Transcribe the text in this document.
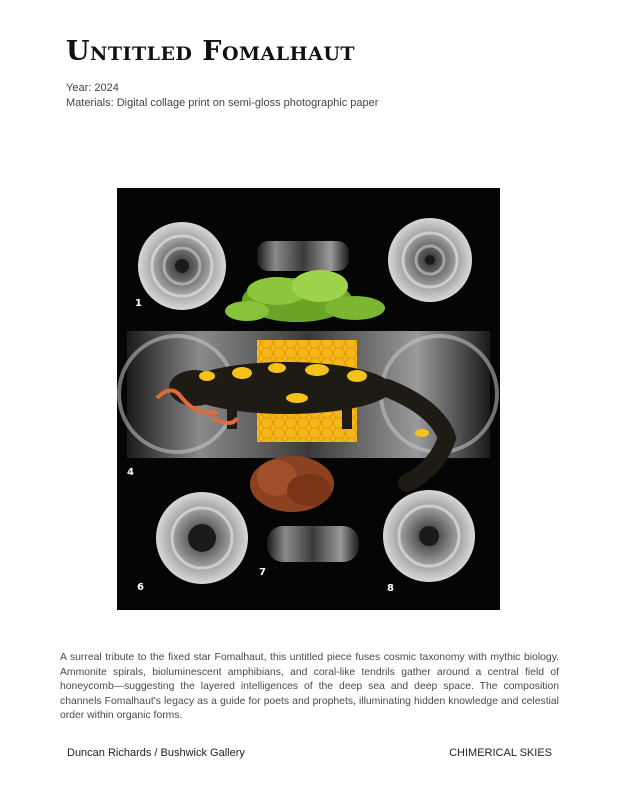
Untitled Fomalhaut
Year: 2024
Materials: Digital collage print on semi-gloss photographic paper
1
4
6
7
8

A surreal tribute to the fixed star Fomalhaut, this untitled piece fuses cosmic taxonomy with mythic biology. Ammonite spirals, bioluminescent amphibians, and coral-like tendrils gather around a central field of honeycomb—suggesting the layered intelligences of the deep sea and deep space. The composition channels Fomalhaut's legacy as a guide for poets and prophets, illuminating hidden knowledge and celestial order within organic forms.

Duncan Richards / Bushwick Gallery	CHIMERICAL SKIES
